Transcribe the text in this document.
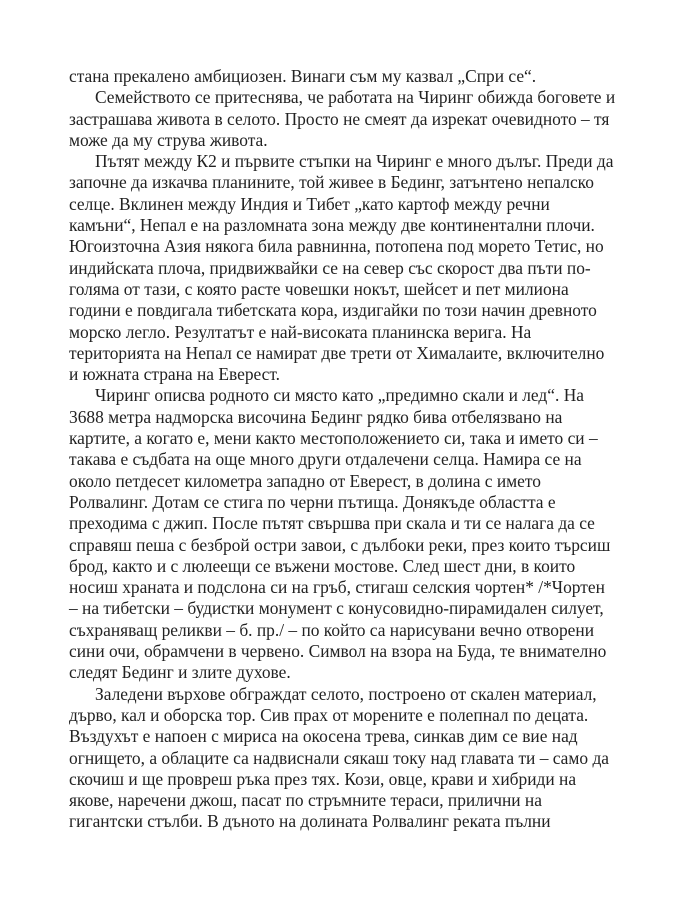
стана прекалено амбициозен. Винаги съм му казвал „Спри се“.
Семейството се притеснява, че работата на Чиринг обижда боговете и
застрашава живота в селото. Просто не смеят да изрекат очевидното – тя
може да му струва живота.
Пътят между К2 и първите стъпки на Чиринг е много дълъг. Преди да
започне да изкачва планините, той живее в Бединг, затънтено непалско
селце. Вклинен между Индия и Тибет „като картоф между речни
камъни“, Непал е на разломната зона между две континентални плочи.
Югоизточна Азия някога била равнинна, потопена под морето Тетис, но
индийската плоча, придвижвайки се на север със скорост два пъти по-
голяма от тази, с която расте човешки нокът, шейсет и пет милиона
години е повдигала тибетската кора, издигайки по този начин древното
морско легло. Резултатът е най-високата планинска верига. На
територията на Непал се намират две трети от Хималаите, включително
и южната страна на Еверест.
Чиринг описва родното си място като „предимно скали и лед“. На
3688 метра надморска височина Бединг рядко бива отбелязвано на
картите, а когато е, мени както местоположението си, така и името си –
такава е съдбата на още много други отдалечени селца. Намира се на
около петдесет километра западно от Еверест, в долина с името
Ролвалинг. Дотам се стига по черни пътища. Донякъде областта е
преходима с джип. После пътят свършва при скала и ти се налага да се
справяш пеша с безброй остри завои, с дълбоки реки, през които търсиш
брод, както и с люлеещи се въжени мостове. След шест дни, в които
носиш храната и подслона си на гръб, стигаш селския чортен* /*Чортен
– на тибетски – будистки монумент с конусовидно-пирамидален силует,
съхраняващ реликви – б. пр./ – по който са нарисувани вечно отворени
сини очи, обрамчени в червено. Символ на взора на Буда, те внимателно
следят Бединг и злите духове.
Заледени върхове обграждат селото, построено от скален материал,
дърво, кал и оборска тор. Сив прах от морените е полепнал по децата.
Въздухът е напоен с мириса на окосена трева, синкав дим се вие над
огнището, а облаците са надвиснали сякаш току над главата ти – само да
скочиш и ще провреш ръка през тях. Кози, овце, крави и хибриди на
якове, наречени джош, пасат по стръмните тераси, прилични на
гигантски стълби. В дъното на долината Ролвалинг реката пълни
